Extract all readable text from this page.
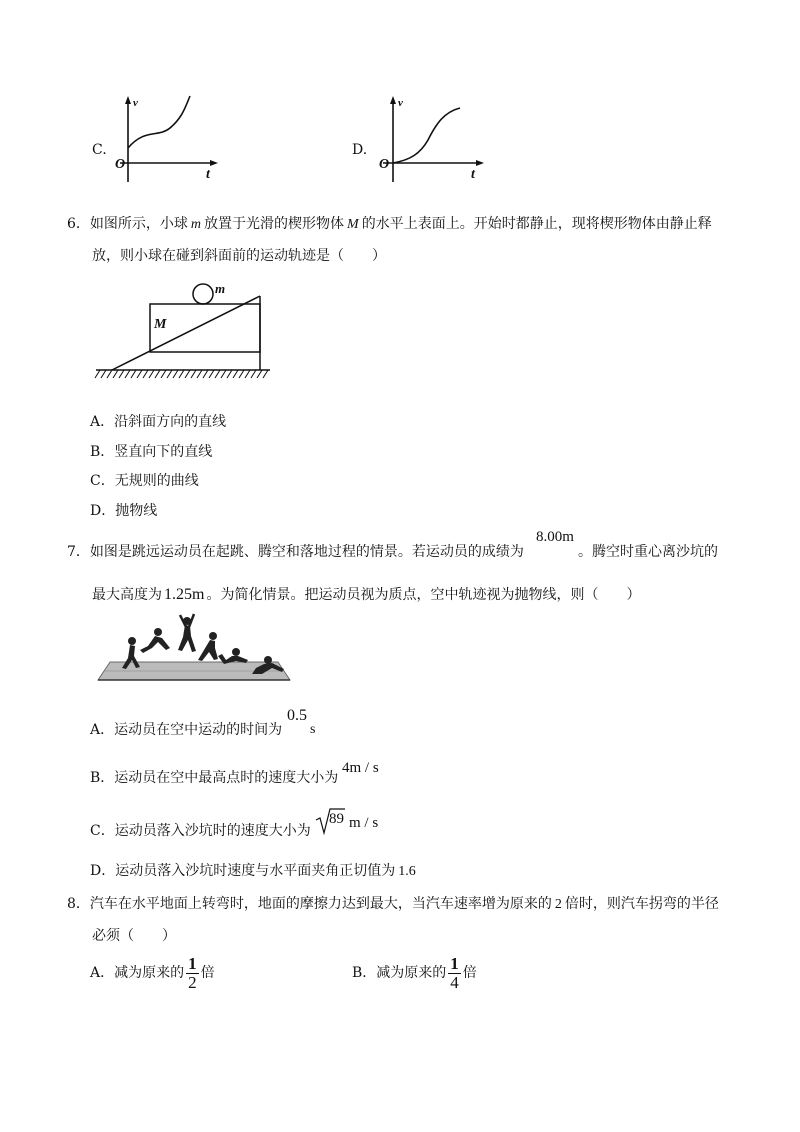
C.
v
O
t
D.
v
O
t
6．如图所示，小球 m 放置于光滑的楔形物体 M 的水平上表面上。开始时都静止，现将楔形物体由静止释
放，则小球在碰到斜面前的运动轨迹是（　　）
m
M
A．沿斜面方向的直线
B．竖直向下的直线
C．无规则的曲线
D．抛物线
7．如图是跳远运动员在起跳、腾空和落地过程的情景。若运动员的成绩为
8.00m
。腾空时重心离沙坑的
最大高度为 1.25m 。为简化情景。把运动员视为质点，空中轨迹视为抛物线，则（　　）
A．运动员在空中运动的时间为
0.5
s
B．运动员在空中最高点时的速度大小为
4m / s
C．运动员落入沙坑时的速度大小为
89 m / s
D．运动员落入沙坑时速度与水平面夹角正切值为 1.6
8．汽车在水平地面上转弯时，地面的摩擦力达到最大，当汽车速率增为原来的 2 倍时，则汽车拐弯的半径
必须（　　）
A． 减为原来的 $\frac{1}{2}$ 倍	B． 减为原来的 $\frac{1}{4}$ 倍
